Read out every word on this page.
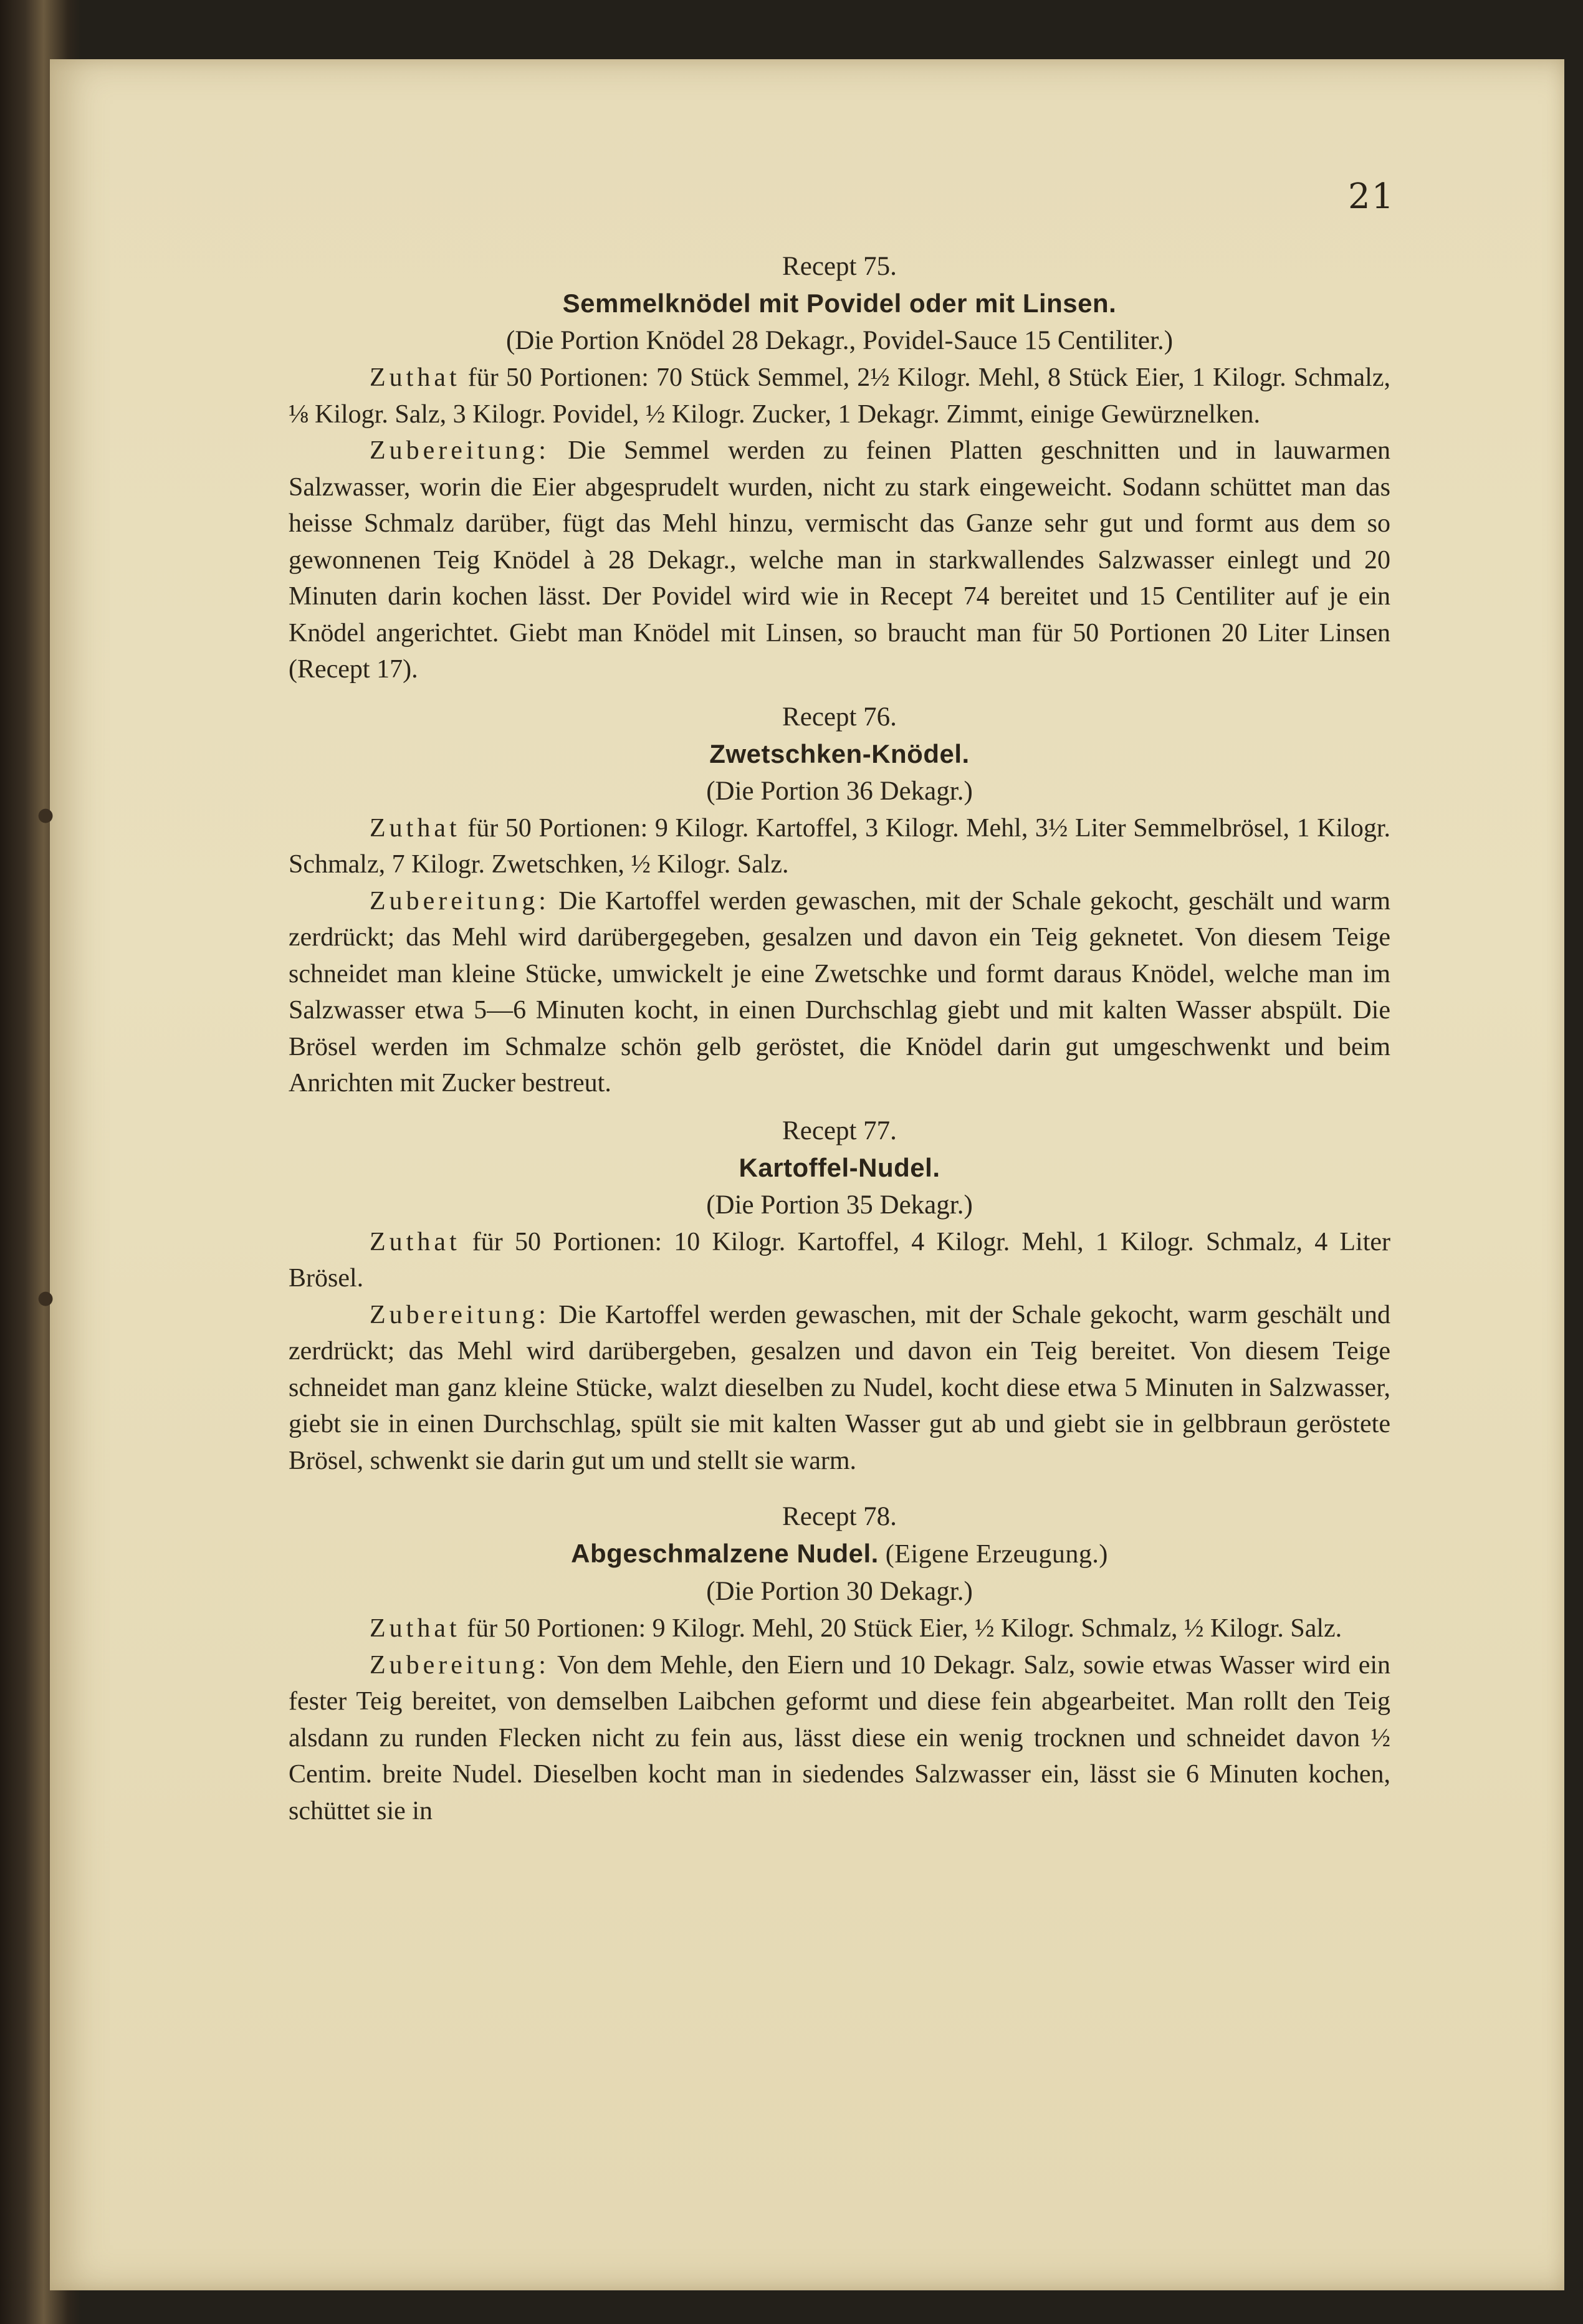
●
●
21
Recept 75.
Semmelknödel mit Povidel oder mit Linsen.
(Die Portion Knödel 28 Dekagr., Povidel-Sauce 15 Centiliter.)

Zuthat für 50 Portionen: 70 Stück Semmel, 2½ Kilogr. Mehl, 8 Stück Eier, 1 Kilogr. Schmalz, ⅛ Kilogr. Salz, 3 Kilogr. Povidel, ½ Kilogr. Zucker, 1 Dekagr. Zimmt, einige Gewürznelken.

Zubereitung: Die Semmel werden zu feinen Platten geschnitten und in lauwarmen Salzwasser, worin die Eier abgesprudelt wurden, nicht zu stark eingeweicht. Sodann schüttet man das heisse Schmalz darüber, fügt das Mehl hinzu, vermischt das Ganze sehr gut und formt aus dem so gewonnenen Teig Knödel à 28 Dekagr., welche man in starkwallendes Salzwasser einlegt und 20 Minuten darin kochen lässt. Der Povidel wird wie in Recept 74 bereitet und 15 Centiliter auf je ein Knödel angerichtet. Giebt man Knödel mit Linsen, so braucht man für 50 Portionen 20 Liter Linsen (Recept 17).

Recept 76.
Zwetschken-Knödel.
(Die Portion 36 Dekagr.)

Zuthat für 50 Portionen: 9 Kilogr. Kartoffel, 3 Kilogr. Mehl, 3½ Liter Semmelbrösel, 1 Kilogr. Schmalz, 7 Kilogr. Zwetschken, ½ Kilogr. Salz.

Zubereitung: Die Kartoffel werden gewaschen, mit der Schale gekocht, geschält und warm zerdrückt; das Mehl wird darübergegeben, gesalzen und davon ein Teig geknetet. Von diesem Teige schneidet man kleine Stücke, umwickelt je eine Zwetschke und formt daraus Knödel, welche man im Salzwasser etwa 5—6 Minuten kocht, in einen Durchschlag giebt und mit kalten Wasser abspült. Die Brösel werden im Schmalze schön gelb geröstet, die Knödel darin gut umgeschwenkt und beim Anrichten mit Zucker bestreut.

Recept 77.
Kartoffel-Nudel.
(Die Portion 35 Dekagr.)

Zuthat für 50 Portionen: 10 Kilogr. Kartoffel, 4 Kilogr. Mehl, 1 Kilogr. Schmalz, 4 Liter Brösel.

Zubereitung: Die Kartoffel werden gewaschen, mit der Schale gekocht, warm geschält und zerdrückt; das Mehl wird darübergeben, gesalzen und davon ein Teig bereitet. Von diesem Teige schneidet man ganz kleine Stücke, walzt dieselben zu Nudel, kocht diese etwa 5 Minuten in Salzwasser, giebt sie in einen Durchschlag, spült sie mit kalten Wasser gut ab und giebt sie in gelbbraun geröstete Brösel, schwenkt sie darin gut um und stellt sie warm.

Recept 78.
Abgeschmalzene Nudel. (Eigene Erzeugung.)
(Die Portion 30 Dekagr.)

Zuthat für 50 Portionen: 9 Kilogr. Mehl, 20 Stück Eier, ½ Kilogr. Schmalz, ½ Kilogr. Salz.

Zubereitung: Von dem Mehle, den Eiern und 10 Dekagr. Salz, sowie etwas Wasser wird ein fester Teig bereitet, von demselben Laibchen geformt und diese fein abgearbeitet. Man rollt den Teig alsdann zu runden Flecken nicht zu fein aus, lässt diese ein wenig trocknen und schneidet davon ½ Centim. breite Nudel. Dieselben kocht man in siedendes Salzwasser ein, lässt sie 6 Minuten kochen, schüttet sie in
